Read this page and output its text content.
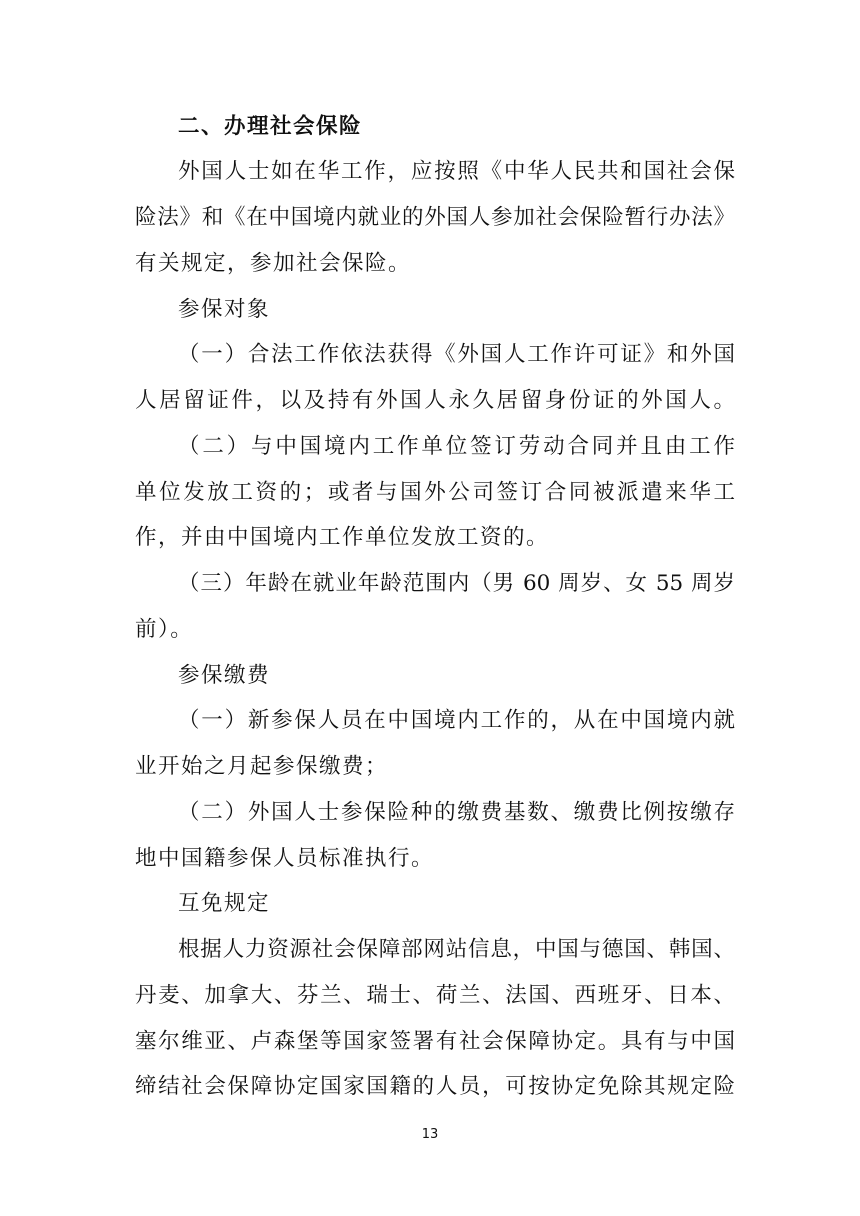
二、办理社会保险
外国人士如在华工作，应按照《中华人民共和国社会保
险法》和《在中国境内就业的外国人参加社会保险暂行办法》
有关规定，参加社会保险。
参保对象
（一）合法工作依法获得《外国人工作许可证》和外国
人居留证件，以及持有外国人永久居留身份证的外国人。
（二）与中国境内工作单位签订劳动合同并且由工作
单位发放工资的；或者与国外公司签订合同被派遣来华工
作，并由中国境内工作单位发放工资的。
（三）年龄在就业年龄范围内（男 60 周岁、女 55 周岁
前）。
参保缴费
（一）新参保人员在中国境内工作的，从在中国境内就
业开始之月起参保缴费；
（二）外国人士参保险种的缴费基数、缴费比例按缴存
地中国籍参保人员标准执行。
互免规定
根据人力资源社会保障部网站信息，中国与德国、韩国、
丹麦、加拿大、芬兰、瑞士、荷兰、法国、西班牙、日本、
塞尔维亚、卢森堡等国家签署有社会保障协定。具有与中国
缔结社会保障协定国家国籍的人员，可按协定免除其规定险
13
